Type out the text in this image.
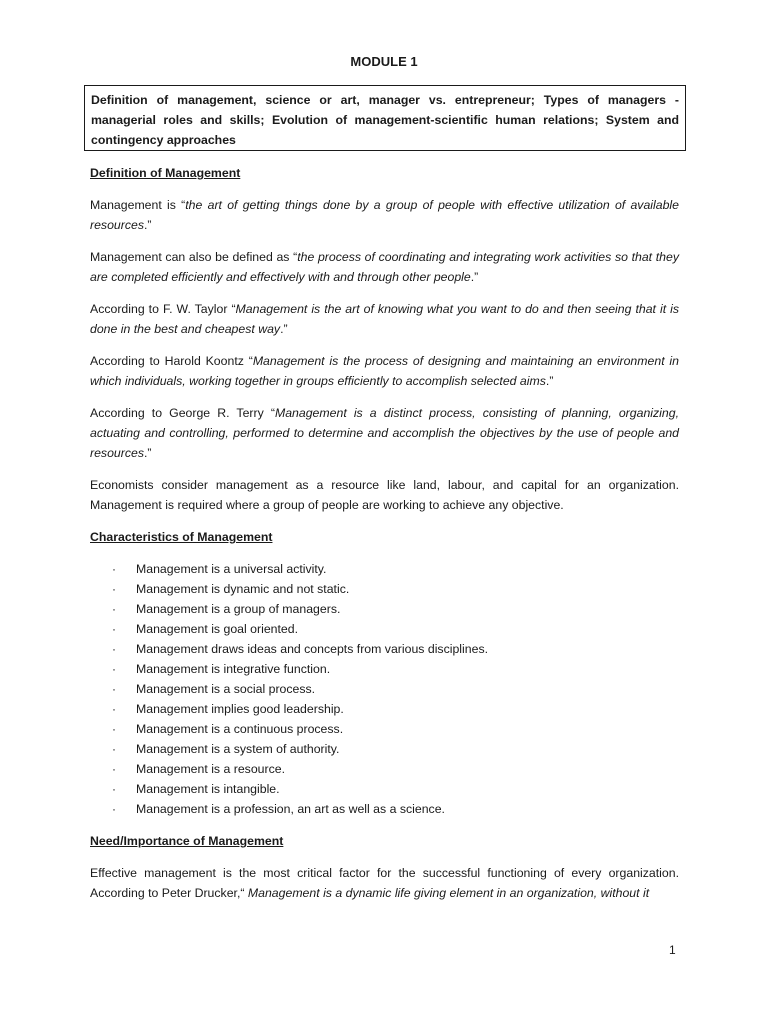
MODULE 1
Definition of management, science or art, manager vs. entrepreneur; Types of managers - managerial roles and skills; Evolution of management-scientific human relations; System and contingency approaches
Definition of Management

Management is “the art of getting things done by a group of people with effective utilization of available resources.”

Management can also be defined as “the process of coordinating and integrating work activities so that they are completed efficiently and effectively with and through other people.”

According to F. W. Taylor “Management is the art of knowing what you want to do and then seeing that it is done in the best and cheapest way.”

According to Harold Koontz “Management is the process of designing and maintaining an environment in which individuals, working together in groups efficiently to accomplish selected aims.”

According to George R. Terry “Management is a distinct process, consisting of planning, organizing, actuating and controlling, performed to determine and accomplish the objectives by the use of people and resources.”

Economists consider management as a resource like land, labour, and capital for an organization. Management is required where a group of people are working to achieve any objective.

Characteristics of Management
· Management is a universal activity.
· Management is dynamic and not static.
· Management is a group of managers.
· Management is goal oriented.
· Management draws ideas and concepts from various disciplines.
· Management is integrative function.
· Management is a social process.
· Management implies good leadership.
· Management is a continuous process.
· Management is a system of authority.
· Management is a resource.
· Management is intangible.
· Management is a profession, an art as well as a science.
Need/Importance of Management

Effective management is the most critical factor for the successful functioning of every organization. According to Peter Drucker,“ Management is a dynamic life giving element in an organization, without it

1
